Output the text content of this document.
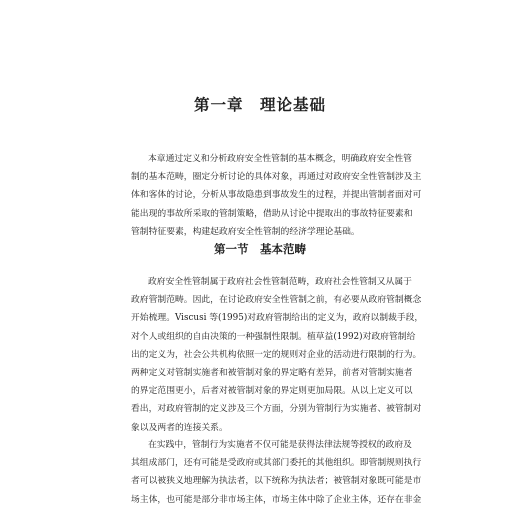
第一章　理论基础
本章通过定义和分析政府安全性管制的基本概念，明确政府安全性管
制的基本范畴，圈定分析讨论的具体对象，再通过对政府安全性管制涉及主
体和客体的讨论，分析从事故隐患到事故发生的过程，并提出管制者面对可
能出现的事故所采取的管制策略，借助从讨论中提取出的事故特征要素和
管制特征要素，构建起政府安全性管制的经济学理论基础。
第一节　基本范畴
政府安全性管制属于政府社会性管制范畴，政府社会性管制又从属于
政府管制范畴。因此，在讨论政府安全性管制之前，有必要从政府管制概念
开始梳理。Viscusi 等(1995)对政府管制给出的定义为，政府以制裁手段，
对个人或组织的自由决策的一种强制性限制。植草益(1992)对政府管制给
出的定义为，社会公共机构依照一定的规则对企业的活动进行限制的行为。
两种定义对管制实施者和被管制对象的界定略有差异，前者对管制实施者
的界定范围更小，后者对被管制对象的界定则更加局限。从以上定义可以
看出，对政府管制的定义涉及三个方面，分别为管制行为实施者、被管制对
象以及两者的连接关系。
在实践中，管制行为实施者不仅可能是获得法律法规等授权的政府及
其组成部门，还有可能是受政府或其部门委托的其他组织。即管制规则执行
者可以被狭义地理解为执法者，以下统称为执法者；被管制对象既可能是市
场主体，也可能是部分非市场主体，市场主体中除了企业主体，还存在非金
